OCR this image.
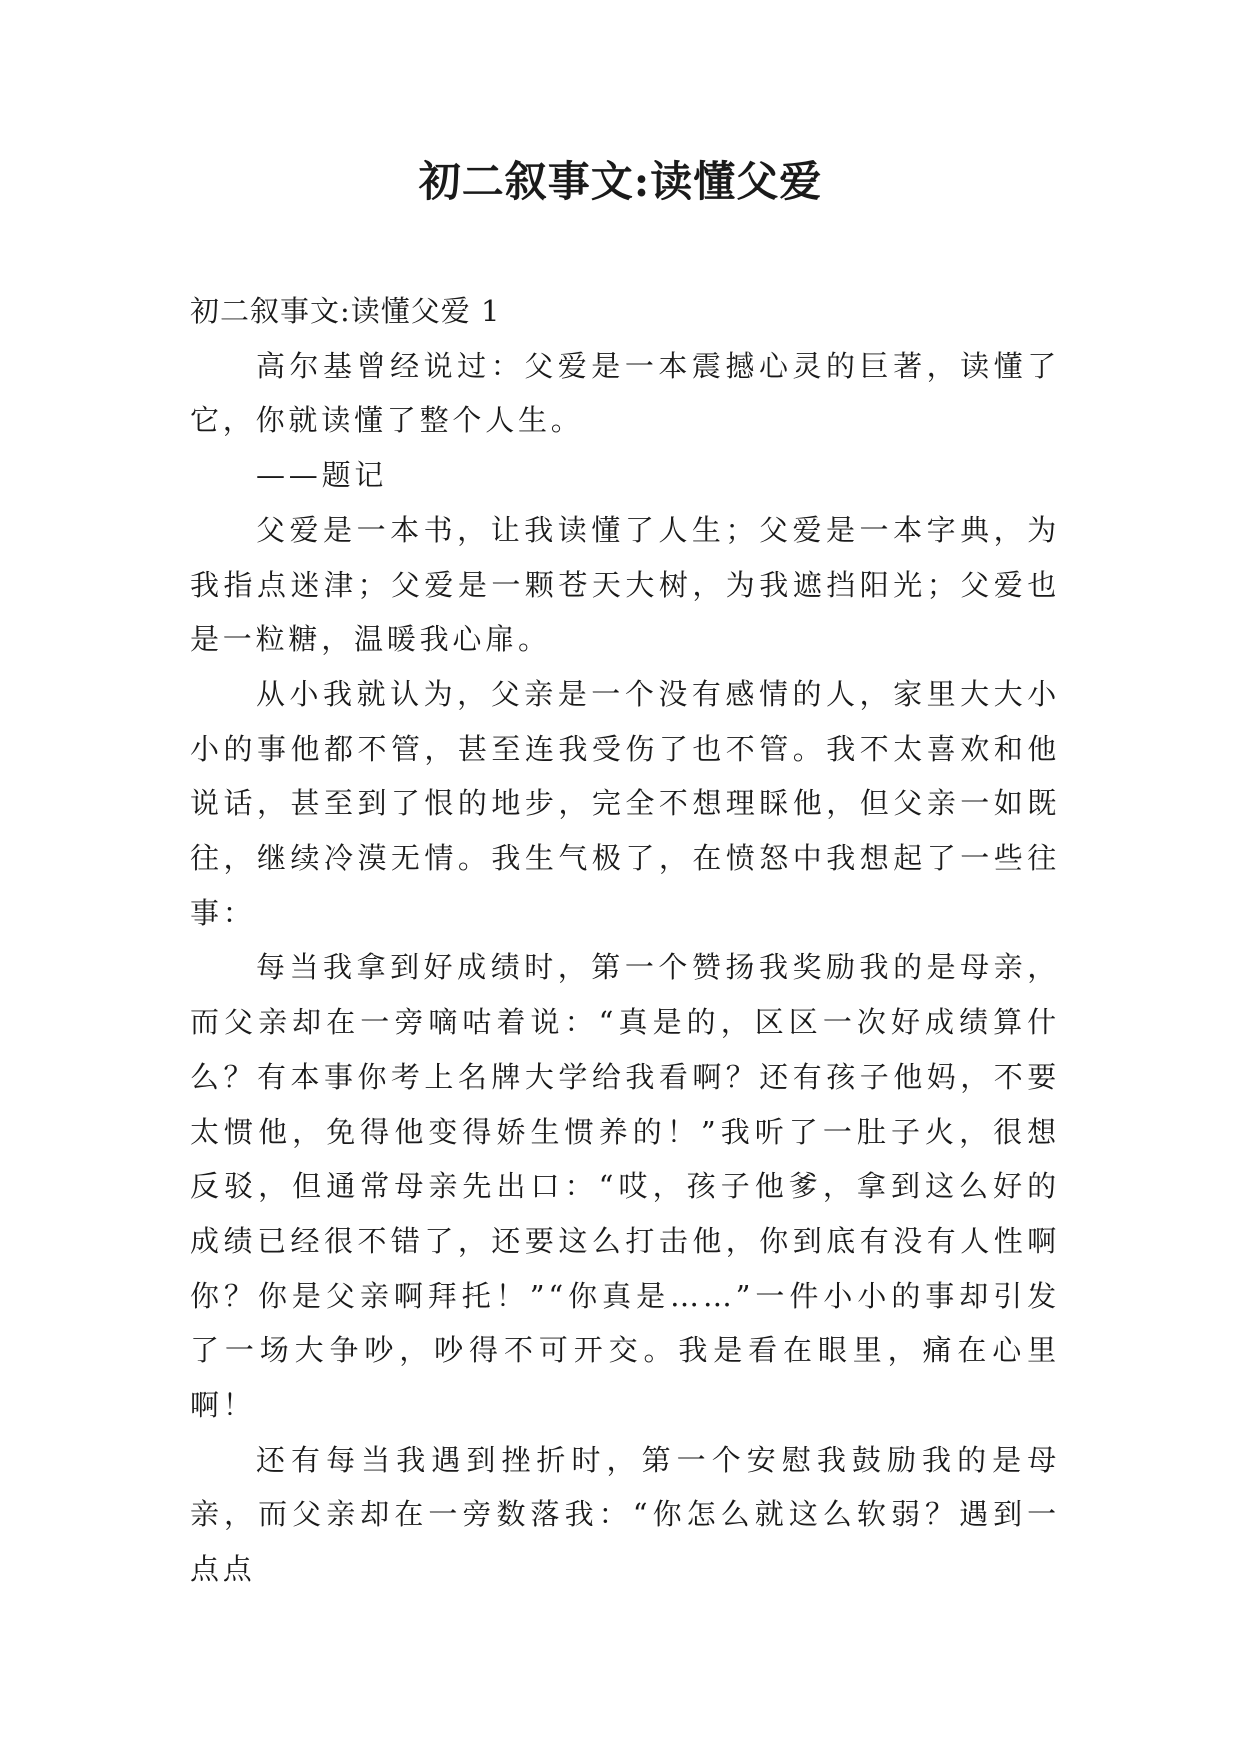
初二叙事文:读懂父爱

初二叙事文:读懂父爱 1

高尔基曾经说过：父爱是一本震撼心灵的巨著，读懂了它，你就读懂了整个人生。

——题记

父爱是一本书，让我读懂了人生；父爱是一本字典，为我指点迷津；父爱是一颗苍天大树，为我遮挡阳光；父爱也是一粒糖，温暖我心扉。

从小我就认为，父亲是一个没有感情的人，家里大大小小的事他都不管，甚至连我受伤了也不管。我不太喜欢和他说话，甚至到了恨的地步，完全不想理睬他，但父亲一如既往，继续冷漠无情。我生气极了，在愤怒中我想起了一些往事：

每当我拿到好成绩时，第一个赞扬我奖励我的是母亲，而父亲却在一旁嘀咕着说：“真是的，区区一次好成绩算什么？有本事你考上名牌大学给我看啊？还有孩子他妈，不要太惯他，免得他变得娇生惯养的！”我听了一肚子火，很想反驳，但通常母亲先出口：“哎，孩子他爹，拿到这么好的成绩已经很不错了，还要这么打击他，你到底有没有人性啊你？你是父亲啊拜托！”“你真是……”一件小小的事却引发了一场大争吵，吵得不可开交。我是看在眼里，痛在心里啊！

还有每当我遇到挫折时，第一个安慰我鼓励我的是母亲，而父亲却在一旁数落我：“你怎么就这么软弱？遇到一点点
